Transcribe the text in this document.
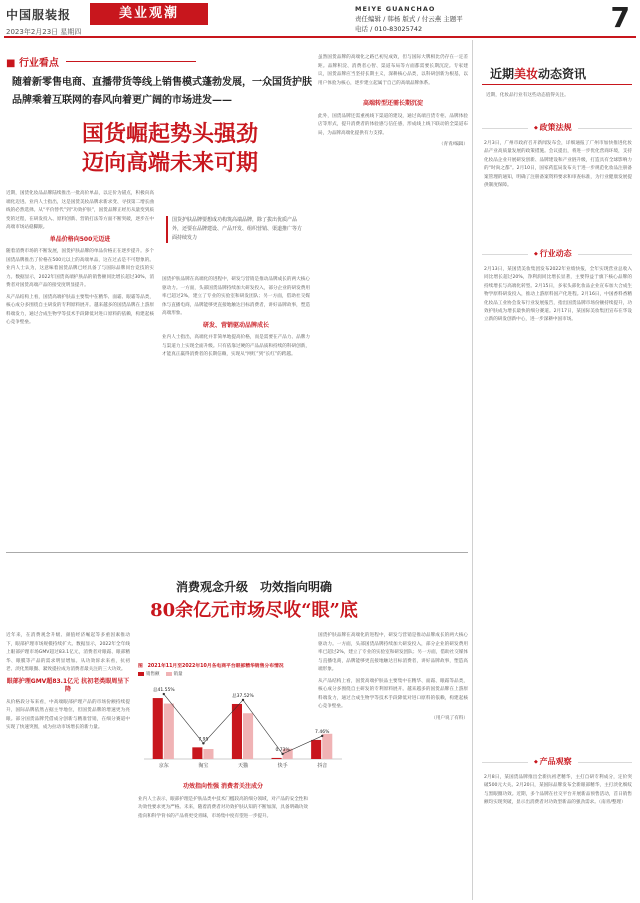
中国服装报	美业观潮
2023年2月23日 星期四
MEIYE GUANCHAO
责任编辑 / 韩杨 版式 / 付云燕 主题平
电话 / 010-83025742	7
■ 行业看点
随着新零售电商、直播带货等线上销售模式蓬勃发展，一众国货护肤品牌乘着互联网的春风向着更广阔的市场进发——
国货崛起势头强劲
迈向高端未来可期

近期，国货化妆品品牌陆续推出一批高价单品，以定价为锚点，积极向高端化迈进。业内人士指出，这是国货美妆品牌求新求变、寻找第二增长曲线的必然选择。从“平价替代”到“功效护肤”，国货品牌正经历从量变到质变的过程，在研发投入、原料创新、营销打法等方面不断突破，逐步在中高端市场站稳脚跟。

单品价格向500元迈进

随着消费市场的不断发展，国货护肤品牌的单品价格正在逐步提升。多个国货品牌推出了价格在500元以上的高端单品，这在过去是不可想象的。业内人士认为，这意味着国货品牌已经具备了与国际品牌同台竞技的实力。数据显示，2022年国货高端护肤品的销售额同比增长超过30%，消费者对国货高端产品的接受度明显提升。

从产品结构上看，国货高端护肤品主要集中在精华、面霜、眼霜等品类，核心成分多围绕自主研发的专利原料展开。越来越多的国货品牌在上游原料端发力，通过合成生物学等技术手段降低对进口原料的依赖，构建起核心竞争壁垒。

国货护肤品牌要想成功构筑高端品牌，除了拔出优质产品外，还要在品牌建设、产品开发、组织营销、渠道推广等方面持续发力

国货护肤品牌在高端化的进程中，研发与营销是推动品牌成长的两大核心驱动力。一方面，头部国货品牌持续加大研发投入，部分企业的研发费用率已超过2%，建立了专业的实验室和研发团队；另一方面，借助社交媒体与直播电商，品牌能够更直接地触达目标消费者，讲好品牌故事，塑造高端形象。

研发、营销驱动品牌成长

业内人士指出，高端化并非简单地提高价格，而是需要在产品力、品牌力与渠道力上实现全面升级。只有依靠过硬的产品品质和持续的科研创新，才能真正赢得消费者的长期信赖，实现从“网红”到“长红”的跨越。

虽然国货品牌的高端化之路已初见成效，但与国际大牌相比仍存在一定差距。品牌积淀、消费者心智、渠道布局等方面都需要长期沉淀。专家建议，国货品牌应当坚持长期主义，深耕核心品类，以科研创新为根基，以用户体验为核心，逐步建立起属于自己的高端品牌体系。

高端转型还需长期沉淀

此外，国货品牌还需重视线下渠道的建设，通过高端百货专柜、品牌体验店等形式，提升消费者的体验感与信任感，形成线上线下联动的全渠道布局，为品牌高端化提供有力支撑。

（青青/编辑）

消费观念升级　功效指向明确
80余亿元市场尽收“眼”底

近年来，在消费观念升级、颜值经济崛起等多重因素推动下，眼部护理市场规模持续扩大。数据显示，2022年全年线上眼部护理市场GMV超过83.1亿元，消费者对眼霜、眼部精华、眼膜等产品的需求明显增加。从功效诉求来看，抗初老、淡化黑眼圈、紧致提拉成为消费者最关注的三大功效。

眼部护理GMV超83.1亿元 抗初老类眼周呈下降

从价格段分布来看，中高端眼部护理产品的市场份额持续提升，国际品牌依然占据主导地位，但国货品牌的增速更为亮眼。部分国货品牌凭借成分创新与精准营销，在细分赛道中实现了快速突围，成为拉动市场增长的新力量。

图　2021年11月至2022年10月各电商平台眼部精华销售分布情况
销售额	销量
京东
总41.55%
淘宝
7.95
天猫
总37.52%
快手
0.73%
抖音
7.46%
功效指向性强 消费者关注成分

业内人士表示，眼部护理是护肤品类中技术门槛较高的细分领域，对产品的安全性和功效性要求更为严格。未来，随着消费者对功效护肤认知的不断加深，具备明确功效指向和科学背书的产品将更受青睐，市场集中度有望进一步提升。

国货护肤品牌在高端化的进程中，研发与营销是推动品牌成长的两大核心驱动力。一方面，头部国货品牌持续加大研发投入，部分企业的研发费用率已超过2%，建立了专业的实验室和研发团队；另一方面，借助社交媒体与直播电商，品牌能够更直接地触达目标消费者，讲好品牌故事，塑造高端形象。

从产品结构上看，国货高端护肤品主要集中在精华、面霜、眼霜等品类，核心成分多围绕自主研发的专利原料展开。越来越多的国货品牌在上游原料端发力，通过合成生物学等技术手段降低对进口原料的依赖，构建起核心竞争壁垒。

（用户说了有料）

近期美妆动态资讯
近期，化妆品行业有这些动态值得关注。
◆ 政策法规
2月3日，广州市政府召开新闻发布会，详细通报了广州市加快推进化妆品产业高质量发展的政策措施。会议提出，将进一步优化营商环境，支持化妆品企业开展研发创新、品牌建设和产业链升级，打造具有全球影响力的“时尚之都”。2月10日，国家药监局发布关于进一步规范化妆品注册备案管理的通知，明确了注册备案资料要求和审查标准，为行业健康发展提供制度保障。
◆ 行业动态
2月13日，某国货美妆集团发布2022年业绩快报，全年实现营业总收入同比增长超过20%，净利润同比增长显著，主要得益于旗下核心品牌的持续增长与高端化转型。2月15日，多家头部化妆品企业宣布加大合成生物学原料研发投入，推动上游原料国产化进程。2月16日，中国香料香精化妆品工业协会发布行业发展报告，指出国货品牌市场份额持续提升，功效护肤成为增长最快的细分赛道。2月17日，某国际美妆集团宣布在华设立新的研发创新中心，进一步深耕中国市场。
◆ 产品观察
2月8日，某国货品牌推出全新抗初老精华，主打自研专利成分，定价突破500元大关。2月20日，某国际品牌发布全新眼部精华，主打淡化细纹与黑眼圈功效。近期，多个品牌在社交平台开展新品预售活动，首日销售额均实现突破，显示出消费者对功效型新品的强劲需求。（南青/整理）
